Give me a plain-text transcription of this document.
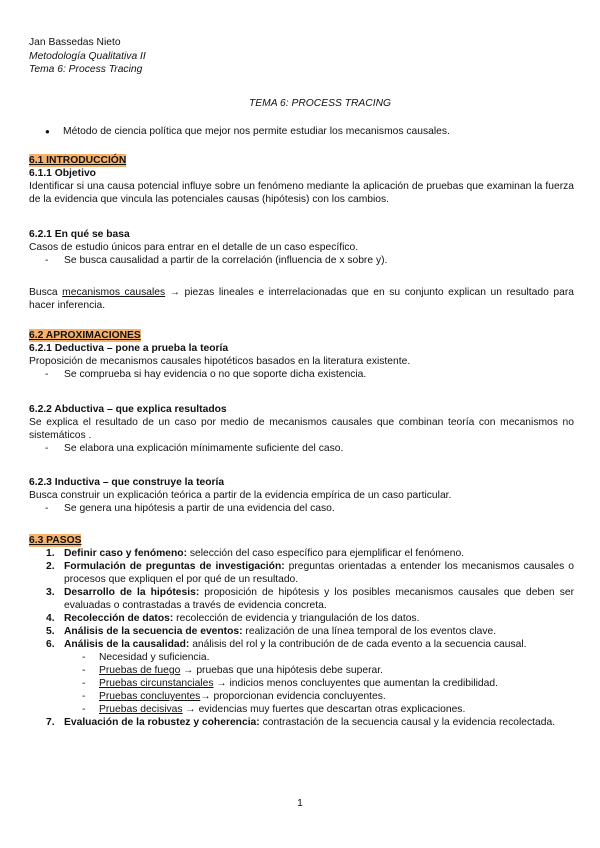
Jan Bassedas Nieto
Metodología Qualitativa II
Tema 6: Process Tracing
TEMA 6: PROCESS TRACING
● Método de ciencia política que mejor nos permite estudiar los mecanismos causales.
6.1 INTRODUCCIÓN
6.1.1 Objetivo
Identificar si una causa potencial influye sobre un fenómeno mediante la aplicación de pruebas que examinan la fuerza de la evidencia que vincula las potenciales causas (hipótesis) con los cambios.
6.2.1 En qué se basa
Casos de estudio únicos para entrar en el detalle de un caso específico.
- Se busca causalidad a partir de la correlación (influencia de x sobre y).
Busca mecanismos causales → piezas lineales e interrelacionadas que en su conjunto explican un resultado para hacer inferencia.
6.2 APROXIMACIONES
6.2.1 Deductiva – pone a prueba la teoría
Proposición de mecanismos causales hipotéticos basados en la literatura existente.
- Se comprueba si hay evidencia o no que soporte dicha existencia.
6.2.2 Abductiva – que explica resultados
Se explica el resultado de un caso por medio de mecanismos causales que combinan teoría con mecanismos no sistemáticos .
- Se elabora una explicación mínimamente suficiente del caso.
6.2.3 Inductiva – que construye la teoría
Busca construir un explicación teórica a partir de la evidencia empírica de un caso particular.
- Se genera una hipótesis a partir de una evidencia del caso.
6.3 PASOS
1. Definir caso y fenómeno: selección del caso específico para ejemplificar el fenómeno.
2. Formulación de preguntas de investigación: preguntas orientadas a entender los mecanismos causales o procesos que expliquen el por qué de un resultado.
3. Desarrollo de la hipótesis: proposición de hipótesis y los posibles mecanismos causales que deben ser evaluadas o contrastadas a través de evidencia concreta.
4. Recolección de datos: recolección de evidencia y triangulación de los datos.
5. Análisis de la secuencia de eventos: realización de una línea temporal de los eventos clave.
6. Análisis de la causalidad: análisis del rol y la contribución de de cada evento a la secuencia causal.
- Necesidad y suficiencia.
- Pruebas de fuego → pruebas que una hipótesis debe superar.
- Pruebas circunstanciales → indicios menos concluyentes que aumentan la credibilidad.
- Pruebas concluyentes→ proporcionan evidencia concluyentes.
- Pruebas decisivas → evidencias muy fuertes que descartan otras explicaciones.
7. Evaluación de la robustez y coherencia: contrastación de la secuencia causal y la evidencia recolectada.
1
